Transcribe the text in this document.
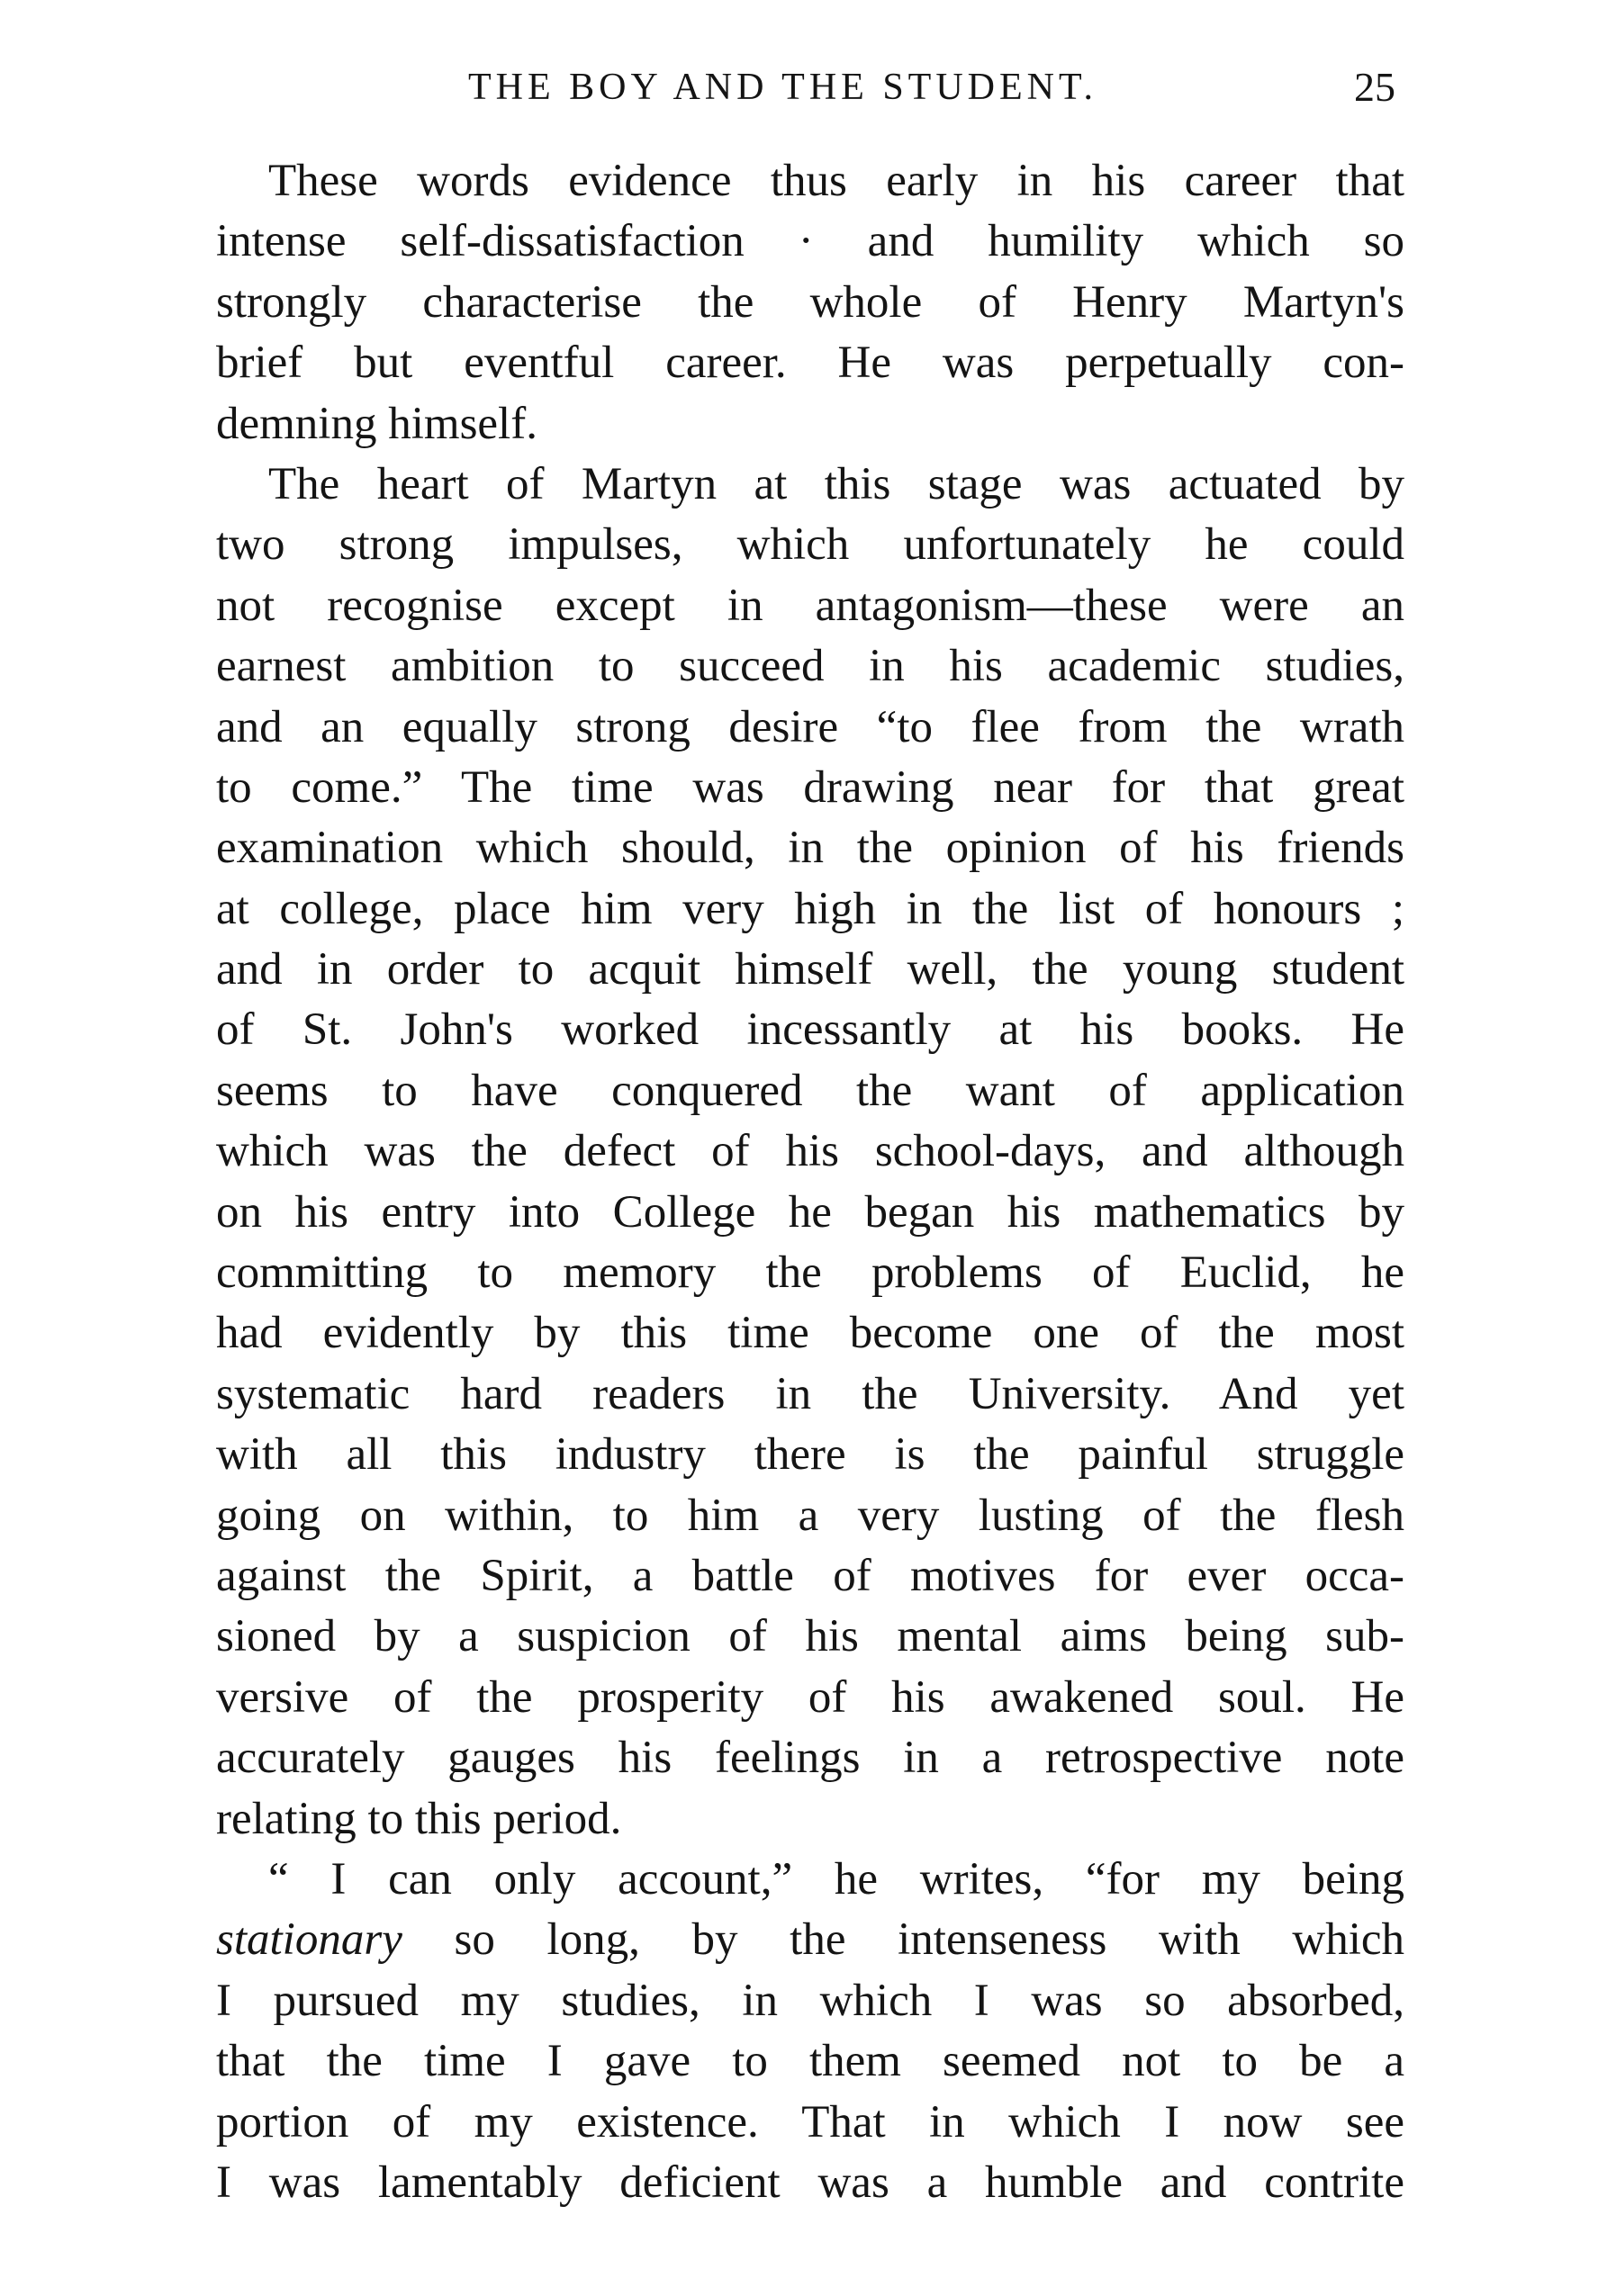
THE BOY AND THE STUDENT.	25
These words evidence thus early in his career that
intense self-dissatisfaction · and humility which so
strongly characterise the whole of Henry Martyn's
brief but eventful career. He was perpetually con-
demning himself.
The heart of Martyn at this stage was actuated by
two strong impulses, which unfortunately he could
not recognise except in antagonism—these were an
earnest ambition to succeed in his academic studies,
and an equally strong desire “to flee from the wrath
to come.” The time was drawing near for that great
examination which should, in the opinion of his friends
at college, place him very high in the list of honours ;
and in order to acquit himself well, the young student
of St. John's worked incessantly at his books. He
seems to have conquered the want of application
which was the defect of his school-days, and although
on his entry into College he began his mathematics by
committing to memory the problems of Euclid, he
had evidently by this time become one of the most
systematic hard readers in the University. And yet
with all this industry there is the painful struggle
going on within, to him a very lusting of the flesh
against the Spirit, a battle of motives for ever occa-
sioned by a suspicion of his mental aims being sub-
versive of the prosperity of his awakened soul. He
accurately gauges his feelings in a retrospective note
relating to this period.
“ I can only account,” he writes, “for my being
stationary so long, by the intenseness with which
I pursued my studies, in which I was so absorbed,
that the time I gave to them seemed not to be a
portion of my existence. That in which I now see
I was lamentably deficient was a humble and contrite
